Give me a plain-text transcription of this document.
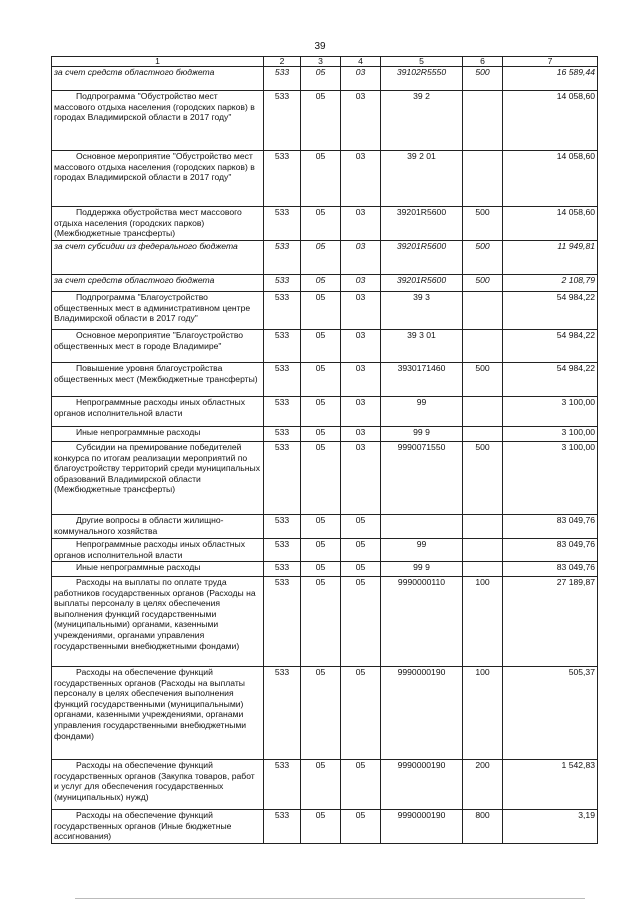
39
1	2	3	4	5	6	7
за счет средств областного бюджета	533	05	03	39102R5550	500	16 589,44
Подпрограмма "Обустройство мест массового отдыха населения (городских парков) в городах Владимирской области в 2017 году"	533	05	03	39 2		14 058,60
Основное мероприятие "Обустройство мест массового отдыха населения (городских парков) в городах Владимирской области в 2017 году"	533	05	03	39 2 01		14 058,60
Поддержка обустройства мест массового отдыха населения (городских парков) (Межбюджетные трансферты)	533	05	03	39201R5600	500	14 058,60
за счет субсидии из федерального бюджета	533	05	03	39201R5600	500	11 949,81
за счет средств областного бюджета	533	05	03	39201R5600	500	2 108,79
Подпрограмма "Благоустройство общественных мест в административном центре Владимирской области в 2017 году"	533	05	03	39 3		54 984,22
Основное мероприятие "Благоустройство общественных мест в городе Владимире"	533	05	03	39 3 01		54 984,22
Повышение уровня благоустройства общественных мест (Межбюджетные трансферты)	533	05	03	3930171460	500	54 984,22
Непрограммные расходы иных областных органов исполнительной власти	533	05	03	99		3 100,00
Иные непрограммные расходы	533	05	03	99 9		3 100,00
Субсидии на премирование победителей конкурса по итогам реализации мероприятий по благоустройству территорий среди муниципальных образований Владимирской области (Межбюджетные трансферты)	533	05	03	9990071550	500	3 100,00
Другие вопросы в области жилищно-коммунального хозяйства	533	05	05			83 049,76
Непрограммные расходы иных областных органов исполнительной власти	533	05	05	99		83 049,76
Иные непрограммные расходы	533	05	05	99 9		83 049,76
Расходы на выплаты по оплате труда работников государственных органов (Расходы на выплаты персоналу в целях обеспечения выполнения функций государственными (муниципальными) органами, казенными учреждениями, органами управления государственными внебюджетными фондами)	533	05	05	9990000110	100	27 189,87
Расходы на обеспечение функций государственных органов (Расходы на выплаты персоналу в целях обеспечения выполнения функций государственными (муниципальными) органами, казенными учреждениями, органами управления государственными внебюджетными фондами)	533	05	05	9990000190	100	505,37
Расходы на обеспечение функций государственных органов (Закупка товаров, работ и услуг для обеспечения государственных (муниципальных) нужд)	533	05	05	9990000190	200	1 542,83
Расходы на обеспечение функций государственных органов (Иные бюджетные ассигнования)	533	05	05	9990000190	800	3,19
